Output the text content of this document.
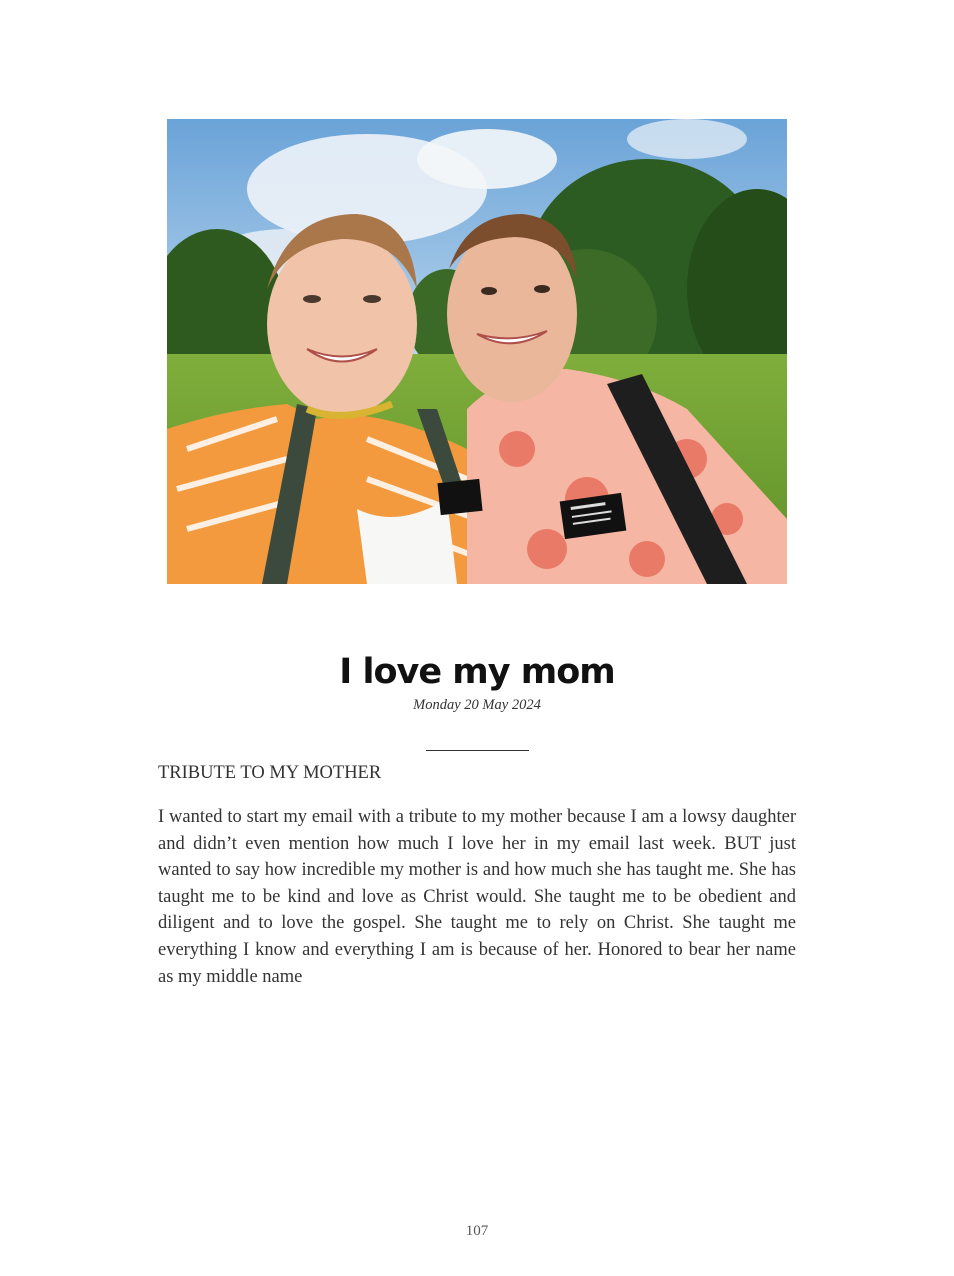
I love my mom
Monday 20 May 2024
TRIBUTE TO MY MOTHER
I wanted to start my email with a tribute to my mother because I am a lowsy daughter and didn’t even mention how much I love her in my email last week. BUT just wanted to say how incredible my mother is and how much she has taught me. She has taught me to be kind and love as Christ would. She taught me to be obedient and diligent and to love the gospel. She taught me to rely on Christ. She taught me everything I know and everything I am is because of her. Honored to bear her name as my middle name
107
